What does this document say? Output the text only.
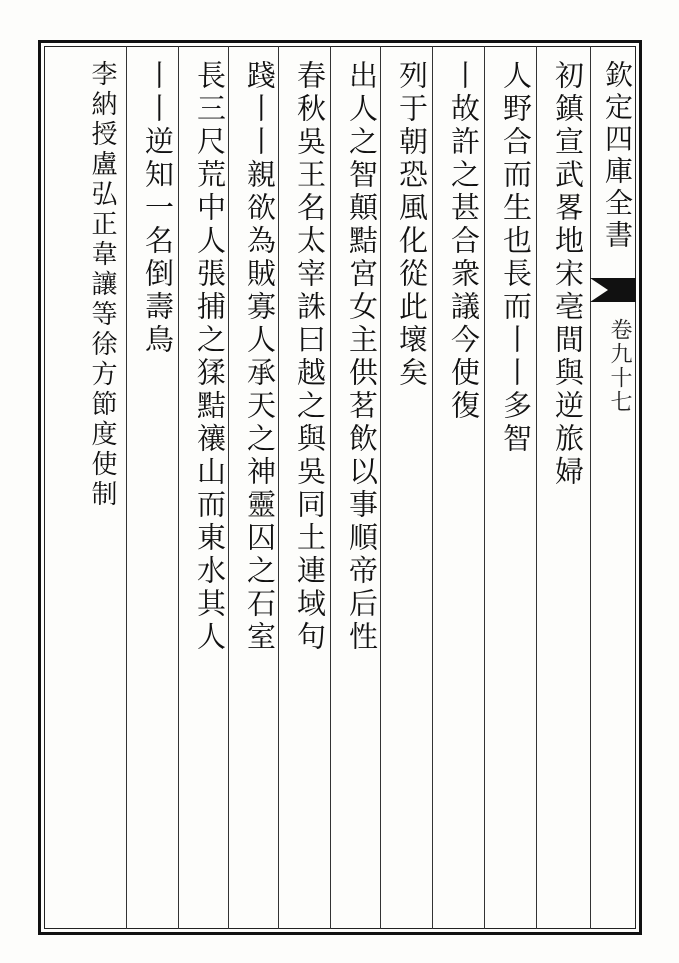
欽定四庫全書
卷九十七
初鎮宣武畧地宋亳間與逆旅婦
人野合而生也長而丨丨多智
丨故許之甚合衆議今使復
列于朝恐風化從此壞矣
出人之智顛黠宮女主供茗飲以事順帝后性
春秋吳王名太宰誅曰越之與吳同土連域句
踐丨丨親欲為賊寡人承天之神靈囚之石室
長三尺荒中人張捕之猱黠禳山而東水其人
丨丨逆知一名倒壽鳥
李納授盧弘正韋讓等徐方節度使制
